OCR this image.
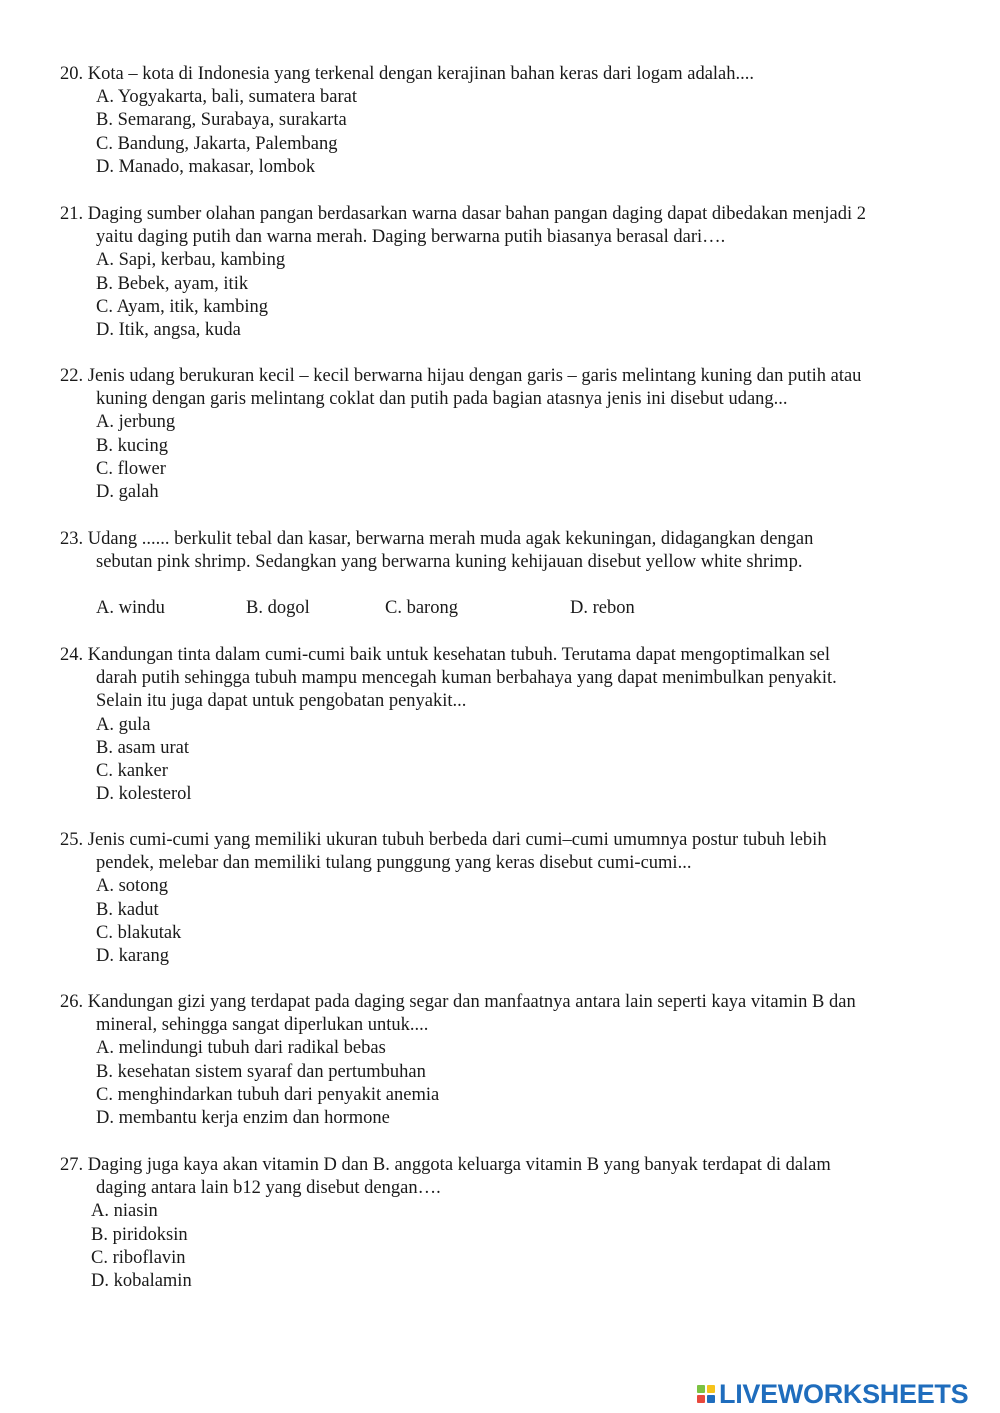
20. Kota – kota di Indonesia yang terkenal dengan kerajinan bahan keras dari logam adalah....
A. Yogyakarta, bali, sumatera barat
B. Semarang, Surabaya, surakarta
C. Bandung, Jakarta, Palembang
D. Manado, makasar, lombok
21. Daging sumber olahan pangan berdasarkan warna dasar bahan pangan daging dapat dibedakan menjadi 2
yaitu daging putih dan warna merah. Daging berwarna putih biasanya berasal dari….
A. Sapi, kerbau, kambing
B. Bebek, ayam, itik
C. Ayam, itik, kambing
D. Itik, angsa, kuda
22. Jenis udang berukuran kecil – kecil berwarna hijau dengan garis – garis melintang kuning dan putih atau
kuning dengan garis melintang coklat dan putih pada bagian atasnya jenis ini disebut udang...
A. jerbung
B. kucing
C. flower
D. galah
23. Udang ...... berkulit tebal dan kasar, berwarna merah muda agak kekuningan, didagangkan dengan
sebutan pink shrimp. Sedangkan yang berwarna kuning kehijauan disebut yellow white shrimp.
A. windu	B. dogol	C. barong	D. rebon
24. Kandungan tinta dalam cumi-cumi baik untuk kesehatan tubuh. Terutama dapat mengoptimalkan sel
darah putih sehingga tubuh mampu mencegah kuman berbahaya yang dapat menimbulkan penyakit.
Selain itu juga dapat untuk pengobatan penyakit...
A. gula
B. asam urat
C. kanker
D. kolesterol
25. Jenis cumi-cumi yang memiliki ukuran tubuh berbeda dari cumi–cumi umumnya postur tubuh lebih
pendek, melebar dan memiliki tulang punggung yang keras disebut cumi-cumi...
A. sotong
B. kadut
C. blakutak
D. karang
26. Kandungan gizi yang terdapat pada daging segar dan manfaatnya antara lain seperti kaya vitamin B dan
mineral, sehingga sangat diperlukan untuk....
A. melindungi tubuh dari radikal bebas
B. kesehatan sistem syaraf dan pertumbuhan
C. menghindarkan tubuh dari penyakit anemia
D. membantu kerja enzim dan hormone
27. Daging juga kaya akan vitamin D dan B. anggota keluarga vitamin B yang banyak terdapat di dalam
daging antara lain b12 yang disebut dengan….
A. niasin
B. piridoksin
C. riboflavin
D. kobalamin
LIVEWORKSHEETS
